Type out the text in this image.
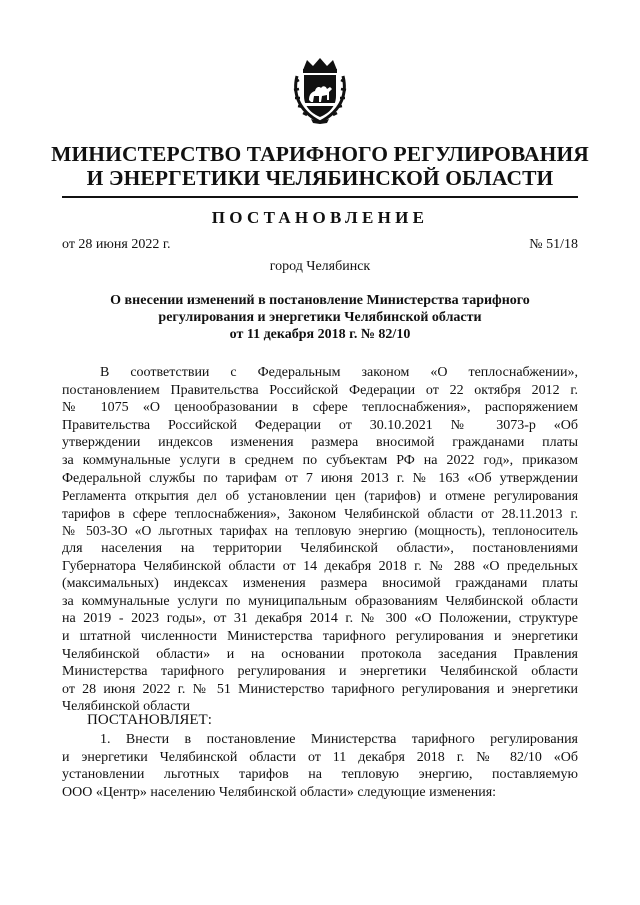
МИНИСТЕРСТВО ТАРИФНОГО РЕГУЛИРОВАНИЯ
И ЭНЕРГЕТИКИ ЧЕЛЯБИНСКОЙ ОБЛАСТИ
ПОСТАНОВЛЕНИЕ
от 28 июня 2022 г.	№ 51/18
город Челябинск
О внесении изменений в постановление Министерства тарифного
регулирования и энергетики Челябинской области
от 11 декабря 2018 г. № 82/10
В соответствии с Федеральным законом «О теплоснабжении»,
постановлением Правительства Российской Федерации от 22 октября 2012 г.
№ 1075 «О ценообразовании в сфере теплоснабжения», распоряжением
Правительства Российской Федерации от 30.10.2021 № 3073-р «Об
утверждении индексов изменения размера вносимой гражданами платы
за коммунальные услуги в среднем по субъектам РФ на 2022 год», приказом
Федеральной службы по тарифам от 7 июня 2013 г. № 163 «Об утверждении
Регламента открытия дел об установлении цен (тарифов) и отмене регулирования
тарифов в сфере теплоснабжения», Законом Челябинской области от 28.11.2013 г.
№ 503-ЗО «О льготных тарифах на тепловую энергию (мощность), теплоноситель
для населения на территории Челябинской области», постановлениями
Губернатора Челябинской области от 14 декабря 2018 г. № 288 «О предельных
(максимальных) индексах изменения размера вносимой гражданами платы
за коммунальные услуги по муниципальным образованиям Челябинской области
на 2019 - 2023 годы», от 31 декабря 2014 г. № 300 «О Положении, структуре
и штатной численности Министерства тарифного регулирования и энергетики
Челябинской области» и на основании протокола заседания Правления
Министерства тарифного регулирования и энергетики Челябинской области
от 28 июня 2022 г. № 51 Министерство тарифного регулирования и энергетики
Челябинской области
ПОСТАНОВЛЯЕТ:
1. Внести в постановление Министерства тарифного регулирования
и энергетики Челябинской области от 11 декабря 2018 г. № 82/10 «Об
установлении льготных тарифов на тепловую энергию, поставляемую
ООО «Центр» населению Челябинской области» следующие изменения:
